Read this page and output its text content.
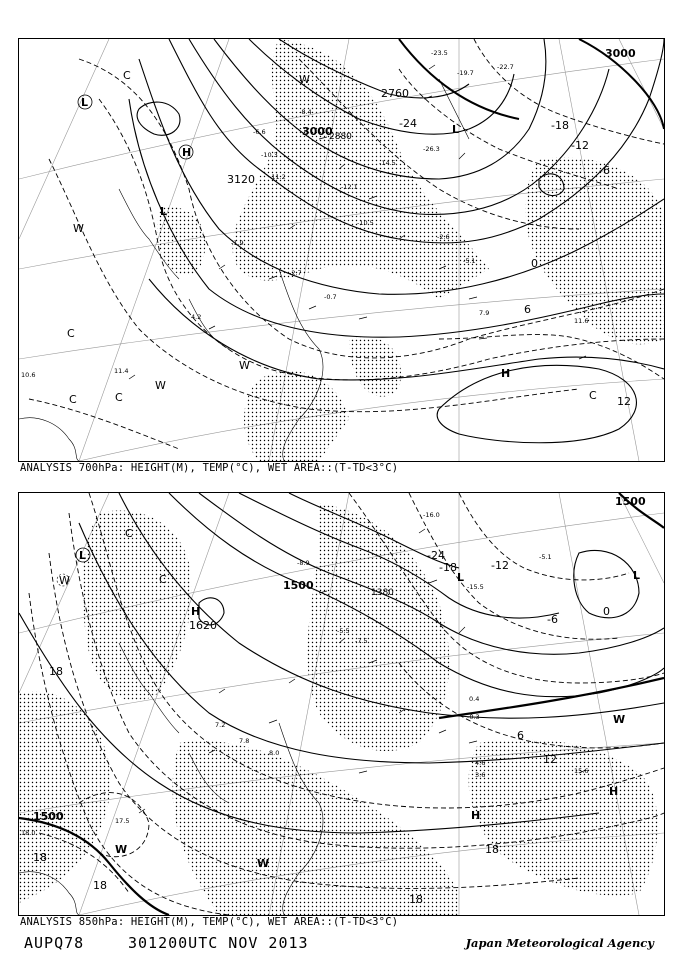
-23.5
-19.7
-22.7
-8.4
-6.6
-10.3
-11.2
-12.1
-14.5
-26.3
-10.5
-5.1
-2.6
7.9
11.6
-1.9
4.2
11.4
10.6
-0.7
-2.7
3000
3000
3120
2760
2880
-24	-18
-12
-6
0
6
12
L
L
H
L
H
W
C
C	C
W
W
W
C
C
ANALYSIS 700hPa: HEIGHT(M), TEMP(°C), WET AREA::(T-TD<3°C)
-16.0
-8.9
-5.5
-7.5
-15.5
-5.1
0.4
-0.3
7.2
7.8
8.0
15.6
17.5
18.0
4.6
3.6
1500
1500
1500
1620
1380
-24
-18	-12
-6
0
6
12
18
18
18
18
18
L
L
H
L
H
H
W
W
W
W	C
C
ANALYSIS 850hPa: HEIGHT(M), TEMP(°C), WET AREA::(T-TD<3°C)
AUPQ78	301200UTC NOV 2013	Japan Meteorological Agency
